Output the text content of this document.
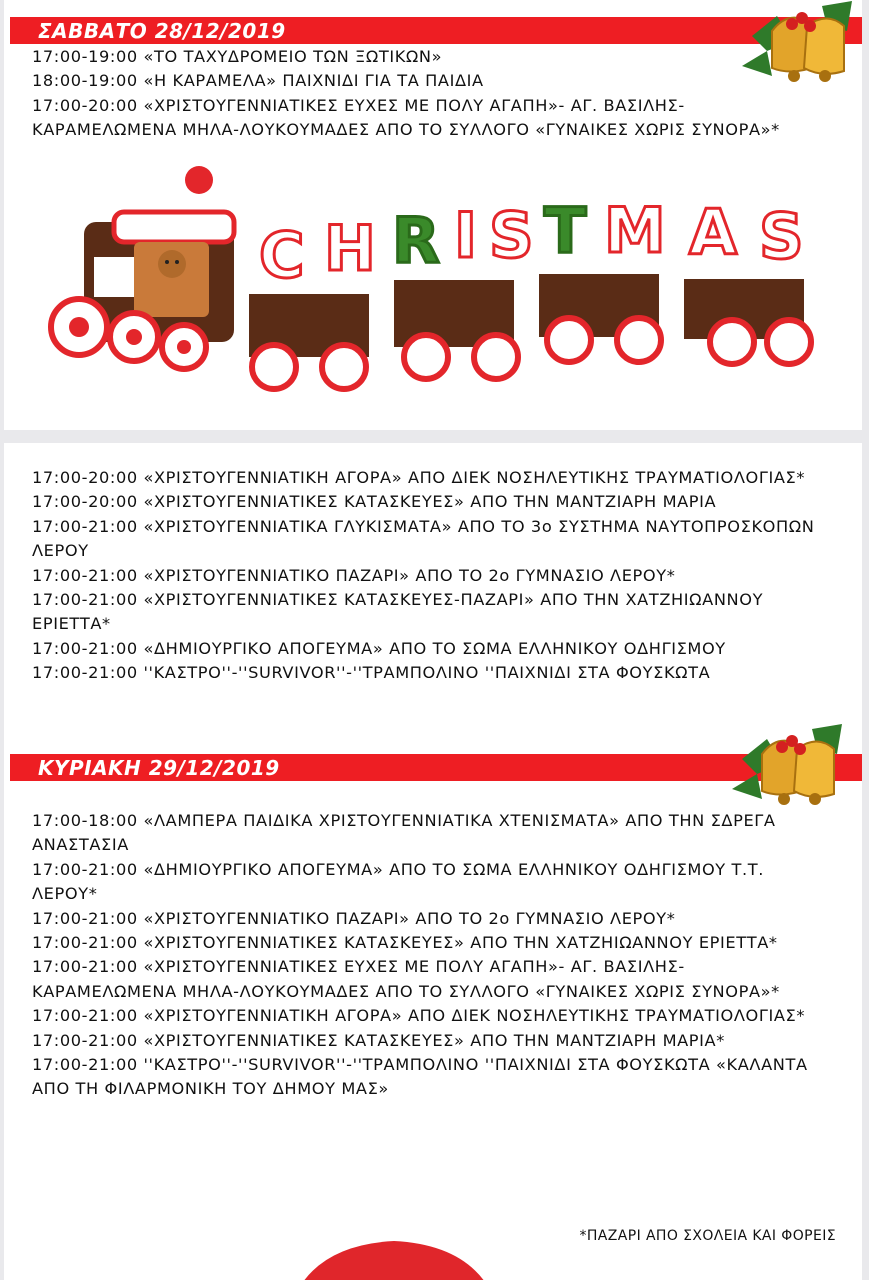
ΣΑΒΒΑΤΟ 28/12/2019
17:00-19:00 «ΤΟ ΤΑΧΥΔΡΟΜΕΙΟ ΤΩΝ ΞΩΤΙΚΩΝ»
18:00-19:00 «Η ΚΑΡΑΜΕΛΑ» ΠΑΙΧΝΙΔΙ ΓΙΑ ΤΑ ΠΑΙΔΙΑ
17:00-20:00 «ΧΡΙΣΤΟΥΓΕΝΝΙΑΤΙΚΕΣ ΕΥΧΕΣ ΜΕ ΠΟΛΥ ΑΓΑΠΗ»- ΑΓ. ΒΑΣΙΛΗΣ- ΚΑΡΑΜΕΛΩΜΕΝΑ ΜΗΛΑ-ΛΟΥΚΟΥΜΑΔΕΣ ΑΠΟ ΤΟ ΣΥΛΛΟΓΟ «ΓΥΝΑΙΚΕΣ ΧΩΡΙΣ ΣΥΝΟΡΑ»*
C H R I S T M A S
17:00-20:00 «ΧΡΙΣΤΟΥΓΕΝΝΙΑΤΙΚΗ ΑΓΟΡΑ» ΑΠΟ ΔΙΕΚ ΝΟΣΗΛΕΥΤΙΚΗΣ ΤΡΑΥΜΑΤΙΟΛΟΓΙΑΣ*
17:00-20:00 «ΧΡΙΣΤΟΥΓΕΝΝΙΑΤΙΚΕΣ ΚΑΤΑΣΚΕΥΕΣ» ΑΠΟ ΤΗΝ ΜΑΝΤΖΙΑΡΗ ΜΑΡΙΑ
17:00-21:00 «ΧΡΙΣΤΟΥΓΕΝΝΙΑΤΙΚΑ ΓΛΥΚΙΣΜΑΤΑ» ΑΠΟ ΤΟ 3ο ΣΥΣΤΗΜΑ ΝΑΥΤΟΠΡΟΣΚΟΠΩΝ ΛΕΡΟΥ
17:00-21:00 «ΧΡΙΣΤΟΥΓΕΝΝΙΑΤΙΚΟ ΠΑΖΑΡΙ» ΑΠΟ ΤΟ 2ο ΓΥΜΝΑΣΙΟ ΛΕΡΟΥ*
17:00-21:00 «ΧΡΙΣΤΟΥΓΕΝΝΙΑΤΙΚΕΣ ΚΑΤΑΣΚΕΥΕΣ-ΠΑΖΑΡΙ» ΑΠΟ ΤΗΝ ΧΑΤΖΗΙΩΑΝΝΟΥ ΕΡΙΕΤΤΑ*
17:00-21:00 «ΔΗΜΙΟΥΡΓΙΚΟ ΑΠΟΓΕΥΜΑ» ΑΠΟ ΤΟ ΣΩΜΑ ΕΛΛΗΝΙΚΟΥ ΟΔΗΓΙΣΜΟΥ
17:00-21:00 ''ΚΑΣΤΡΟ''-''SURVIVOR''-''ΤΡΑΜΠΟΛΙΝΟ ''ΠΑΙΧΝΙΔΙ ΣΤΑ ΦΟΥΣΚΩΤΑ
ΚΥΡΙΑΚΗ 29/12/2019
17:00-18:00 «ΛΑΜΠΕΡΑ ΠΑΙΔΙΚΑ ΧΡΙΣΤΟΥΓΕΝΝΙΑΤΙΚΑ ΧΤΕΝΙΣΜΑΤΑ» ΑΠΟ ΤΗΝ ΣΔΡΕΓΑ ΑΝΑΣΤΑΣΙΑ
17:00-21:00 «ΔΗΜΙΟΥΡΓΙΚΟ ΑΠΟΓΕΥΜΑ» ΑΠΟ ΤΟ ΣΩΜΑ ΕΛΛΗΝΙΚΟΥ ΟΔΗΓΙΣΜΟΥ Τ.Τ. ΛΕΡΟΥ*
17:00-21:00 «ΧΡΙΣΤΟΥΓΕΝΝΙΑΤΙΚΟ ΠΑΖΑΡΙ» ΑΠΟ ΤΟ 2ο ΓΥΜΝΑΣΙΟ ΛΕΡΟΥ*
17:00-21:00 «ΧΡΙΣΤΟΥΓΕΝΝΙΑΤΙΚΕΣ ΚΑΤΑΣΚΕΥΕΣ» ΑΠΟ ΤΗΝ ΧΑΤΖΗΙΩΑΝΝΟΥ ΕΡΙΕΤΤΑ*
17:00-21:00 «ΧΡΙΣΤΟΥΓΕΝΝΙΑΤΙΚΕΣ ΕΥΧΕΣ ΜΕ ΠΟΛΥ ΑΓΑΠΗ»- ΑΓ. ΒΑΣΙΛΗΣ- ΚΑΡΑΜΕΛΩΜΕΝΑ ΜΗΛΑ-ΛΟΥΚΟΥΜΑΔΕΣ ΑΠΟ ΤΟ ΣΥΛΛΟΓΟ «ΓΥΝΑΙΚΕΣ ΧΩΡΙΣ ΣΥΝΟΡΑ»*
17:00-21:00 «ΧΡΙΣΤΟΥΓΕΝΝΙΑΤΙΚΗ ΑΓΟΡΑ» ΑΠΟ ΔΙΕΚ ΝΟΣΗΛΕΥΤΙΚΗΣ ΤΡΑΥΜΑΤΙΟΛΟΓΙΑΣ*
17:00-21:00 «ΧΡΙΣΤΟΥΓΕΝΝΙΑΤΙΚΕΣ ΚΑΤΑΣΚΕΥΕΣ» ΑΠΟ ΤΗΝ ΜΑΝΤΖΙΑΡΗ ΜΑΡΙΑ*
17:00-21:00 ''ΚΑΣΤΡΟ''-''SURVIVOR''-''ΤΡΑΜΠΟΛΙΝΟ ''ΠΑΙΧΝΙΔΙ ΣΤΑ ΦΟΥΣΚΩΤΑ «ΚΑΛΑΝΤΑ ΑΠΟ ΤΗ ΦΙΛΑΡΜΟΝΙΚΗ ΤΟΥ ΔΗΜΟΥ ΜΑΣ»
*ΠΑΖΑΡΙ ΑΠΟ ΣΧΟΛΕΙΑ ΚΑΙ ΦΟΡΕΙΣ
